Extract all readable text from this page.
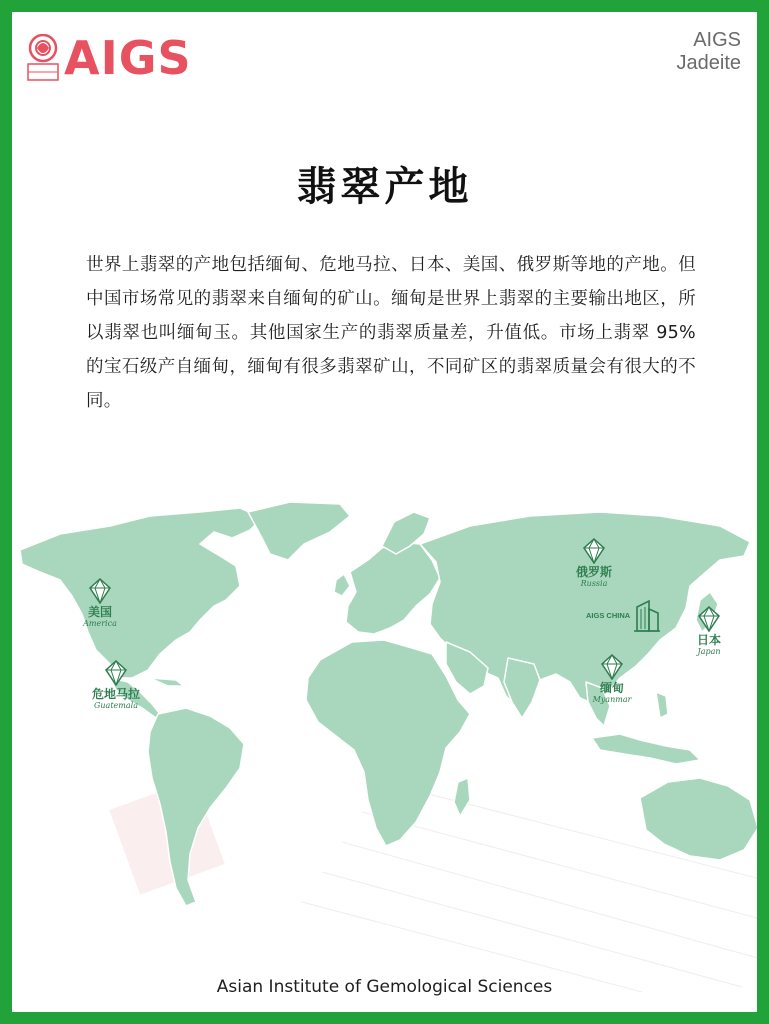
AIGS	AIGS
Jadeite
翡翠产地
世界上翡翠的产地包括缅甸、危地马拉、日本、美国、俄罗斯等地的产地。但中国市场常见的翡翠来自缅甸的矿山。缅甸是世界上翡翠的主要输出地区，所以翡翠也叫缅甸玉。其他国家生产的翡翠质量差，升值低。市场上翡翠 95% 的宝石级产自缅甸，缅甸有很多翡翠矿山，不同矿区的翡翠质量会有很大的不同。
美国
America
危地马拉
Guatemala
俄罗斯
Russia
缅甸
Myanmar
日本
Japan
AIGS CHINA
Asian Institute of Gemological Sciences
